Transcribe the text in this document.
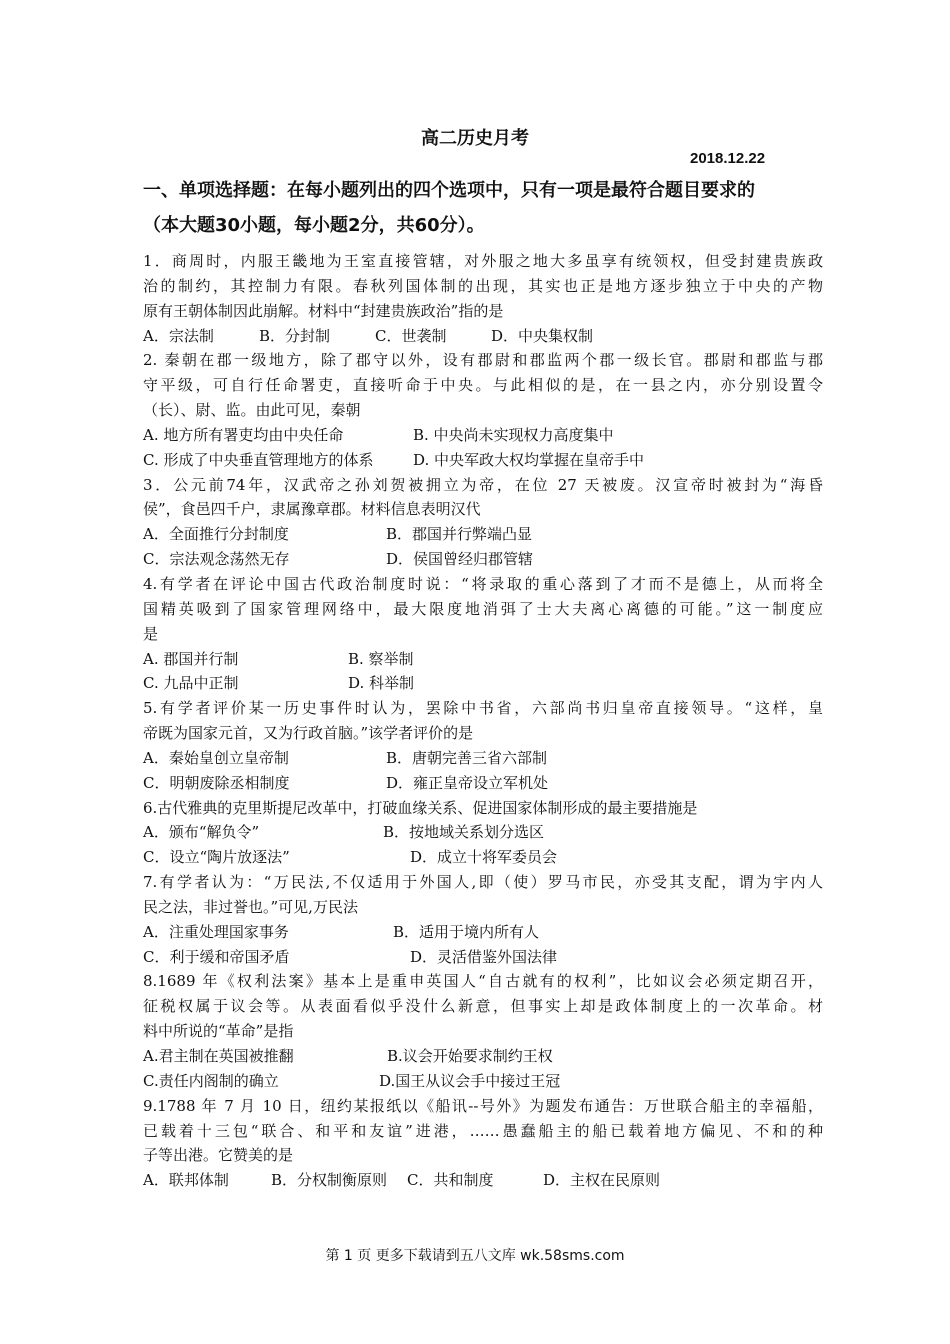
高二历史月考
2018.12.22
一、单项选择题：在每小题列出的四个选项中，只有一项是最符合题目要求的
（本大题30小题，每小题2分，共60分）。
1．商周时，内服王畿地为王室直接管辖，对外服之地大多虽享有统领权，但受封建贵族政
治的制约，其控制力有限。春秋列国体制的出现，其实也正是地方逐步独立于中央的产物
原有王朝体制因此崩解。材料中“封建贵族政治”指的是
A．宗法制	B．分封制	C．世袭制	D．中央集权制
2. 秦朝在郡一级地方，除了郡守以外，设有郡尉和郡监两个郡一级长官。郡尉和郡监与郡
守平级，可自行任命署吏，直接听命于中央。与此相似的是，在一县之内，亦分别设置令
（长）、尉、监。由此可见，秦朝
A. 地方所有署吏均由中央任命	B. 中央尚未实现权力高度集中
C. 形成了中央垂直管理地方的体系	D. 中央军政大权均掌握在皇帝手中
3．公元前74年，汉武帝之孙刘贺被拥立为帝，在位 27 天被废。汉宣帝时被封为“海昏
侯”，食邑四千户，隶属豫章郡。材料信息表明汉代
A．全面推行分封制度	B．郡国并行弊端凸显
C．宗法观念荡然无存	D．侯国曾经归郡管辖
4.有学者在评论中国古代政治制度时说：“将录取的重心落到了才而不是德上，从而将全
国精英吸到了国家管理网络中，最大限度地消弭了士大夫离心离德的可能。”这一制度应
是
A. 郡国并行制	B. 察举制
C. 九品中正制	D. 科举制
5.有学者评价某一历史事件时认为，罢除中书省，六部尚书归皇帝直接领导。“这样，皇
帝既为国家元首，又为行政首脑。”该学者评价的是
A．秦始皇创立皇帝制	B．唐朝完善三省六部制
C．明朝废除丞相制度	D．雍正皇帝设立军机处
6.古代雅典的克里斯提尼改革中，打破血缘关系、促进国家体制形成的最主要措施是
A．颁布“解负令”	B．按地域关系划分选区
C．设立“陶片放逐法”	D．成立十将军委员会
7.有学者认为：“万民法,不仅适用于外国人,即（使）罗马市民，亦受其支配，谓为宇内人
民之法，非过誉也。”可见,万民法
A．注重处理国家事务	B．适用于境内所有人
C．利于缓和帝国矛盾	D．灵活借鉴外国法律
8.1689 年《权利法案》基本上是重申英国人“自古就有的权利”，比如议会必须定期召开，
征税权属于议会等。从表面看似乎没什么新意，但事实上却是政体制度上的一次革命。材
料中所说的“革命”是指
A.君主制在英国被推翻	B.议会开始要求制约王权
C.责任内阁制的确立	D.国王从议会手中接过王冠
9.1788 年 7 月 10 日，纽约某报纸以《船讯--号外》为题发布通告：万世联合船主的幸福船，
已载着十三包“联合、和平和友谊”进港，……愚蠢船主的船已载着地方偏见、不和的种
子等出港。它赞美的是
A．联邦体制	B．分权制衡原则 C．共和制度	D．主权在民原则
第 1 页 更多下载请到五八文库 wk.58sms.com
